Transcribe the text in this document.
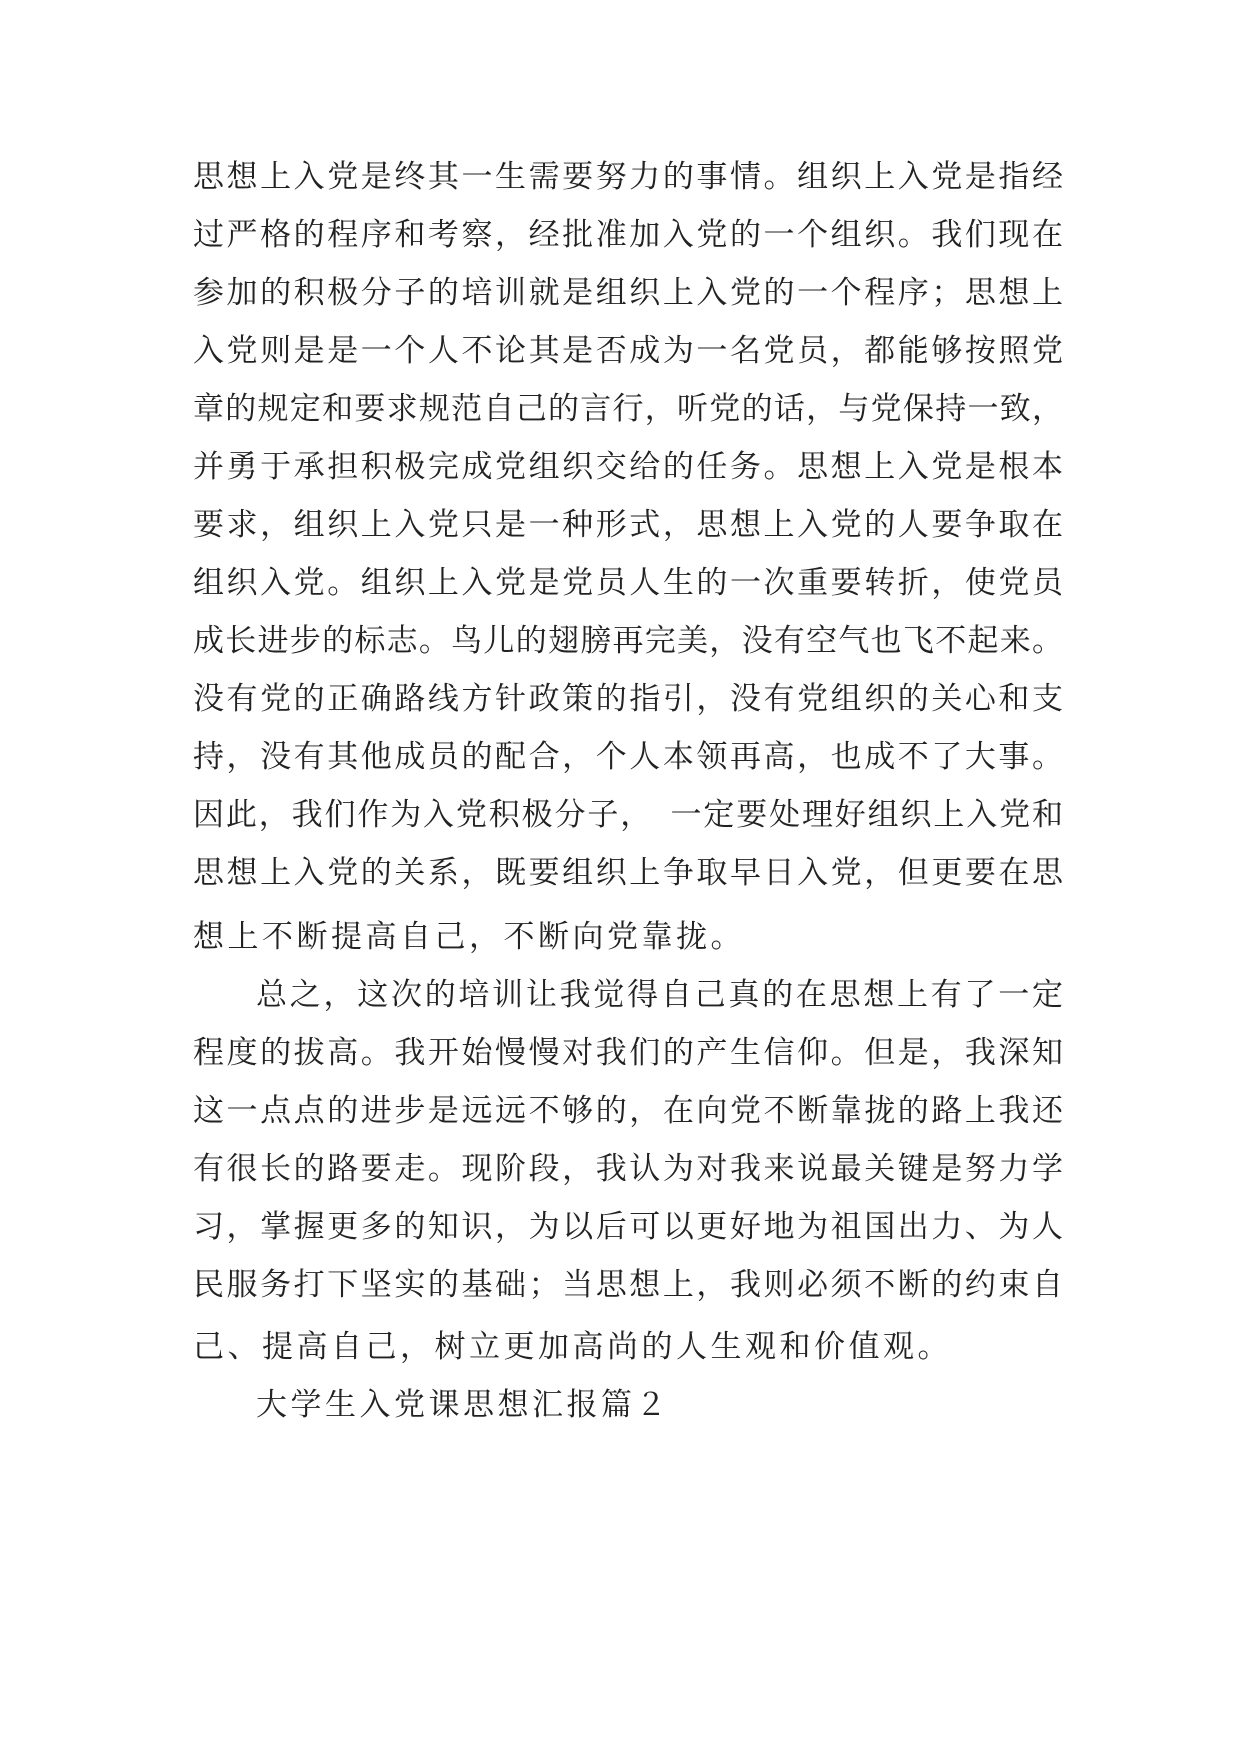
思想上入党是终其一生需要努力的事情。组织上入党是指经
过严格的程序和考察，经批准加入党的一个组织。我们现在
参加的积极分子的培训就是组织上入党的一个程序；思想上
入党则是是一个人不论其是否成为一名党员，都能够按照党
章的规定和要求规范自己的言行，听党的话，与党保持一致，
并勇于承担积极完成党组织交给的任务。思想上入党是根本
要求，组织上入党只是一种形式，思想上入党的人要争取在
组织入党。组织上入党是党员人生的一次重要转折，使党员
成长进步的标志。鸟儿的翅膀再完美，没有空气也飞不起来。
没有党的正确路线方针政策的指引，没有党组织的关心和支
持，没有其他成员的配合，个人本领再高，也成不了大事。
因此，我们作为入党积极分子，　一定要处理好组织上入党和
思想上入党的关系，既要组织上争取早日入党，但更要在思
想上不断提高自己，不断向党靠拢。
总之，这次的培训让我觉得自己真的在思想上有了一定
程度的拔高。我开始慢慢对我们的产生信仰。但是，我深知
这一点点的进步是远远不够的，在向党不断靠拢的路上我还
有很长的路要走。现阶段，我认为对我来说最关键是努力学
习，掌握更多的知识，为以后可以更好地为祖国出力、为人
民服务打下坚实的基础；当思想上，我则必须不断的约束自
己、提高自己，树立更加高尚的人生观和价值观。
大学生入党课思想汇报篇２
